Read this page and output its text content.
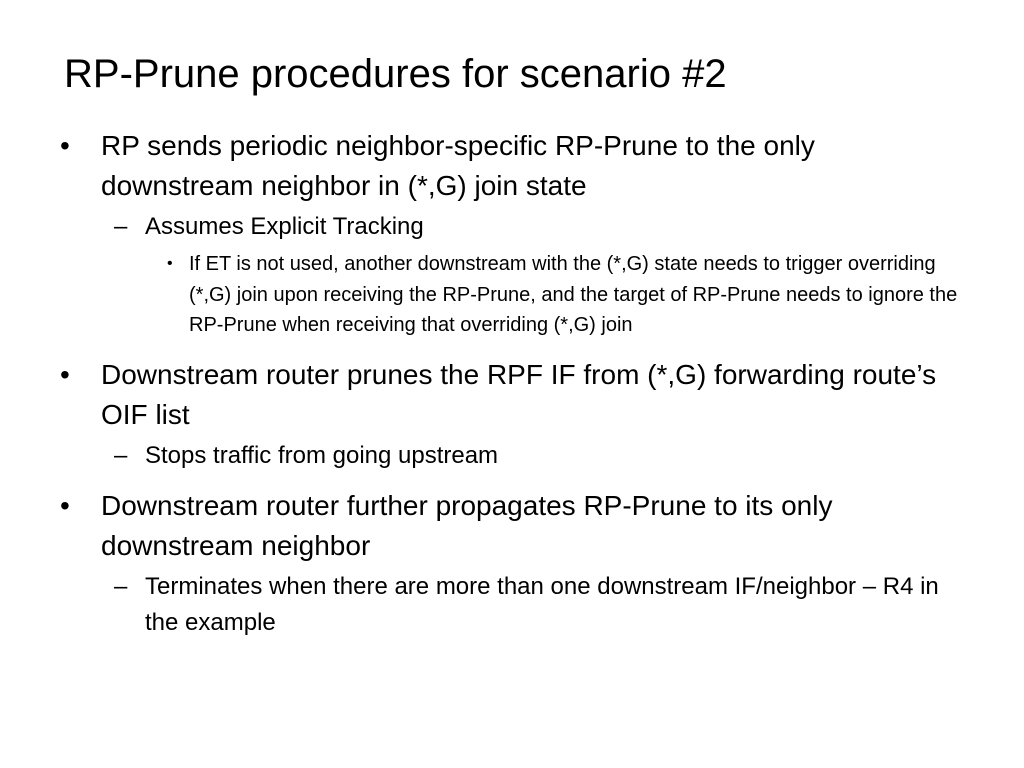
RP-Prune procedures for scenario #2
•	RP sends periodic neighbor-specific RP-Prune to the only downstream neighbor in (*,G) join state
– Assumes Explicit Tracking
• If ET is not used, another downstream with the (*,G) state needs to trigger overriding (*,G) join upon receiving the RP-Prune, and the target of RP-Prune needs to ignore the RP-Prune when receiving that overriding (*,G) join
•	Downstream router prunes the RPF IF from (*,G) forwarding route’s OIF list
– Stops traffic from going upstream
•	Downstream router further propagates RP-Prune to its only downstream neighbor
– Terminates when there are more than one downstream IF/neighbor – R4 in the example
